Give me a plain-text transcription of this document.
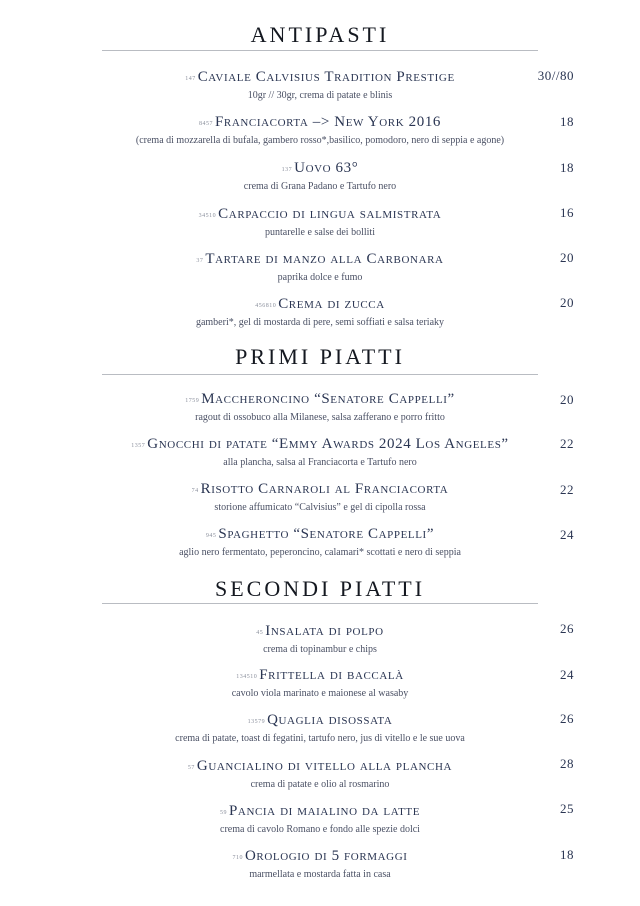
ANTIPASTI
147 Caviale Calvisius Tradition Prestige
10gr // 30gr, crema di patate e blinis
30//80
8457 Franciacorta –> New York 2016
(crema di mozzarella di bufala, gambero rosso*,basilico, pomodoro, nero di seppia e agone)
18
137 Uovo 63°
crema di Grana Padano e Tartufo nero
18
34510 Carpaccio di lingua salmistrata
puntarelle e salse dei bolliti
16
37 Tartare di manzo alla Carbonara
paprika dolce e fumo
20
456810 Crema di zucca
gamberi*, gel di mostarda di pere, semi soffiati e salsa teriaky
20
PRIMI PIATTI
1759 Maccheroncino “Senatore Cappelli”
ragout di ossobuco alla Milanese, salsa zafferano e porro fritto
20
1357 Gnocchi di patate “Emmy Awards 2024 Los Angeles”
alla plancha, salsa al Franciacorta e Tartufo nero
22
74 Risotto Carnaroli al Franciacorta
storione affumicato “Calvisius” e gel di cipolla rossa
22
945 Spaghetto “Senatore Cappelli”
aglio nero fermentato, peperoncino, calamari* scottati e nero di seppia
24
SECONDI PIATTI
45 Insalata di polpo
crema di topinambur e chips
26
134510 Frittella di baccalà
cavolo viola marinato e maionese al wasaby
24
13579 Quaglia disossata
crema di patate, toast di fegatini, tartufo nero, jus di vitello e le sue uova
26
57 Guancialino di vitello alla plancha
crema di patate e olio al rosmarino
28
59 Pancia di maialino da latte
crema di cavolo Romano e fondo alle spezie dolci
25
710 Orologio di 5 formaggi
marmellata e mostarda fatta in casa
18
